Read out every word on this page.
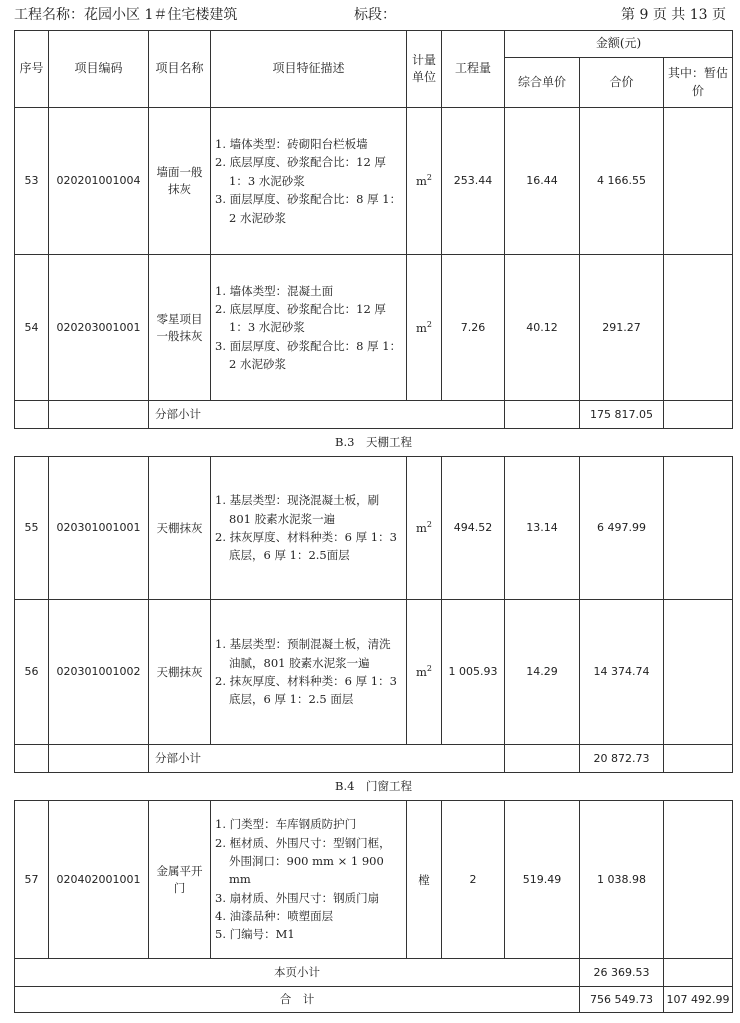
工程名称：花园小区 1＃住宅楼建筑	标段：	第 9 页 共 13 页
序号	项目编码	项目名称	项目特征描述	计量单位	工程量	金额(元)		
						综合单价	合价	其中：暂估价
53	020201001004	墙面一般抹灰	1. 墙体类型：砖砌阳台栏板墙
2. 底层厚度、砂浆配合比：12 厚 1：3 水泥砂浆
3. 面层厚度、砂浆配合比：8 厚 1：2 水泥砂浆	$m^2$	253.44	16.44	4 166.55	
54	020203001001	零星项目一般抹灰	1. 墙体类型：混凝土面
2. 底层厚度、砂浆配合比：12 厚 1：3 水泥砂浆
3. 面层厚度、砂浆配合比：8 厚 1：2 水泥砂浆	$m^2$	7.26	40.12	291.27	
		分部小计					175 817.05	
B.3　天棚工程								
55	020301001001	天棚抹灰	1. 基层类型：现浇混凝土板，刷 801 胶素水泥浆一遍
2. 抹灰厚度、材料种类：6 厚 1：3底层，6 厚 1：2.5面层	$m^2$	494.52	13.14	6 497.99	
56	020301001002	天棚抹灰	1. 基层类型：预制混凝土板，清洗油腻，801 胶素水泥浆一遍
2. 抹灰厚度、材料种类：6 厚 1：3 底层，6 厚 1：2.5 面层	$m^2$	1 005.93	14.29	14 374.74	
		分部小计					20 872.73	
B.4　门窗工程								
57	020402001001	金属平开门	1. 门类型：车库钢质防护门
2. 框材质、外围尺寸：型钢门框，外围洞口：900 mm × 1 900 mm
3. 扇材质、外围尺寸：钢质门扇
4. 油漆品种：喷塑面层
5. 门编号：M1	樘	2	519.49	1 038.98	
本页小计							26 369.53	
合　计							756 549.73	107 492.99
